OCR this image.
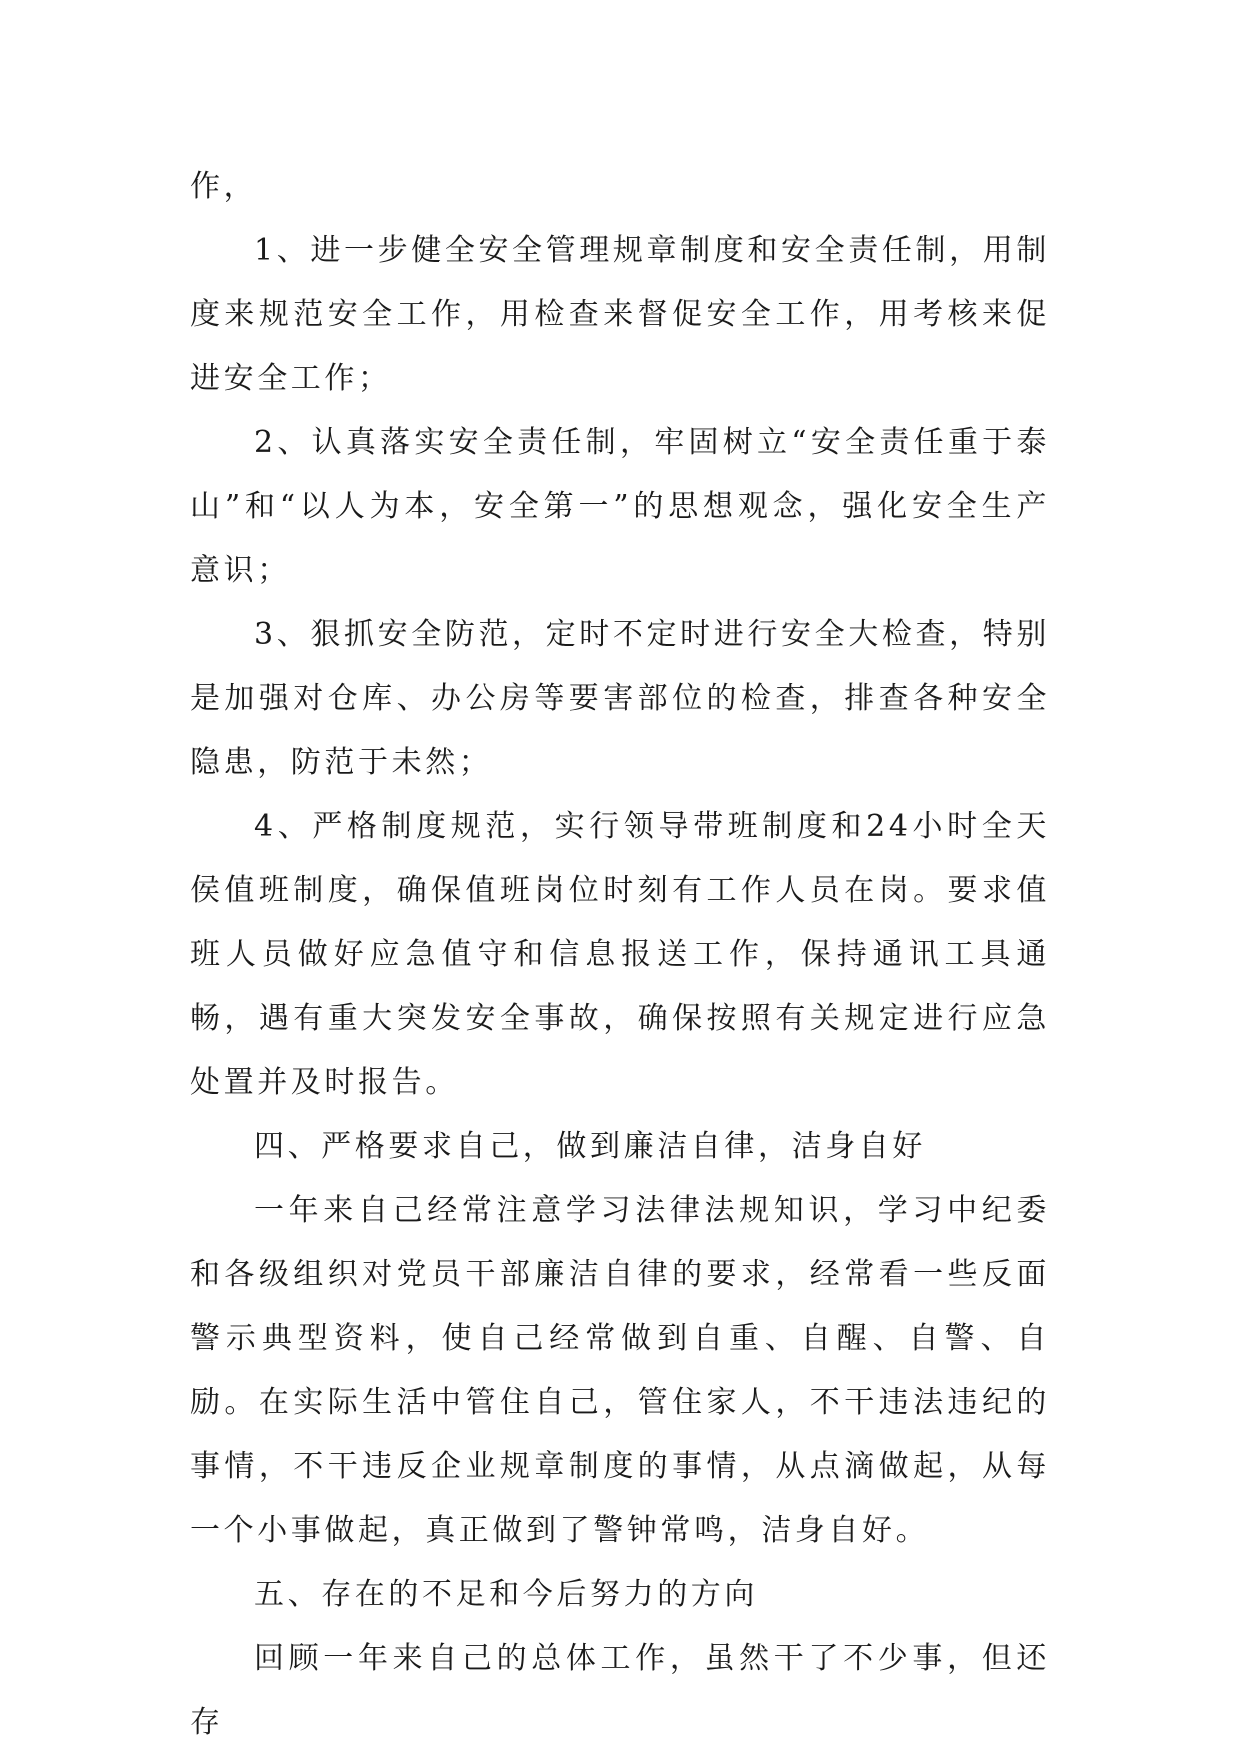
作，

1、进一步健全安全管理规章制度和安全责任制，用制度来规范安全工作，用检查来督促安全工作，用考核来促进安全工作；

2、认真落实安全责任制，牢固树立“安全责任重于泰山”和“以人为本，安全第一”的思想观念，强化安全生产意识；

3、狠抓安全防范，定时不定时进行安全大检查，特别是加强对仓库、办公房等要害部位的检查，排查各种安全隐患，防范于未然；

4、严格制度规范，实行领导带班制度和24小时全天侯值班制度，确保值班岗位时刻有工作人员在岗。要求值班人员做好应急值守和信息报送工作，保持通讯工具通畅，遇有重大突发安全事故，确保按照有关规定进行应急处置并及时报告。

四、严格要求自己，做到廉洁自律，洁身自好

一年来自己经常注意学习法律法规知识，学习中纪委和各级组织对党员干部廉洁自律的要求，经常看一些反面警示典型资料，使自己经常做到自重、自醒、自警、自励。在实际生活中管住自己，管住家人，不干违法违纪的事情，不干违反企业规章制度的事情，从点滴做起，从每一个小事做起，真正做到了警钟常鸣，洁身自好。

五、存在的不足和今后努力的方向

回顾一年来自己的总体工作，虽然干了不少事，但还存
